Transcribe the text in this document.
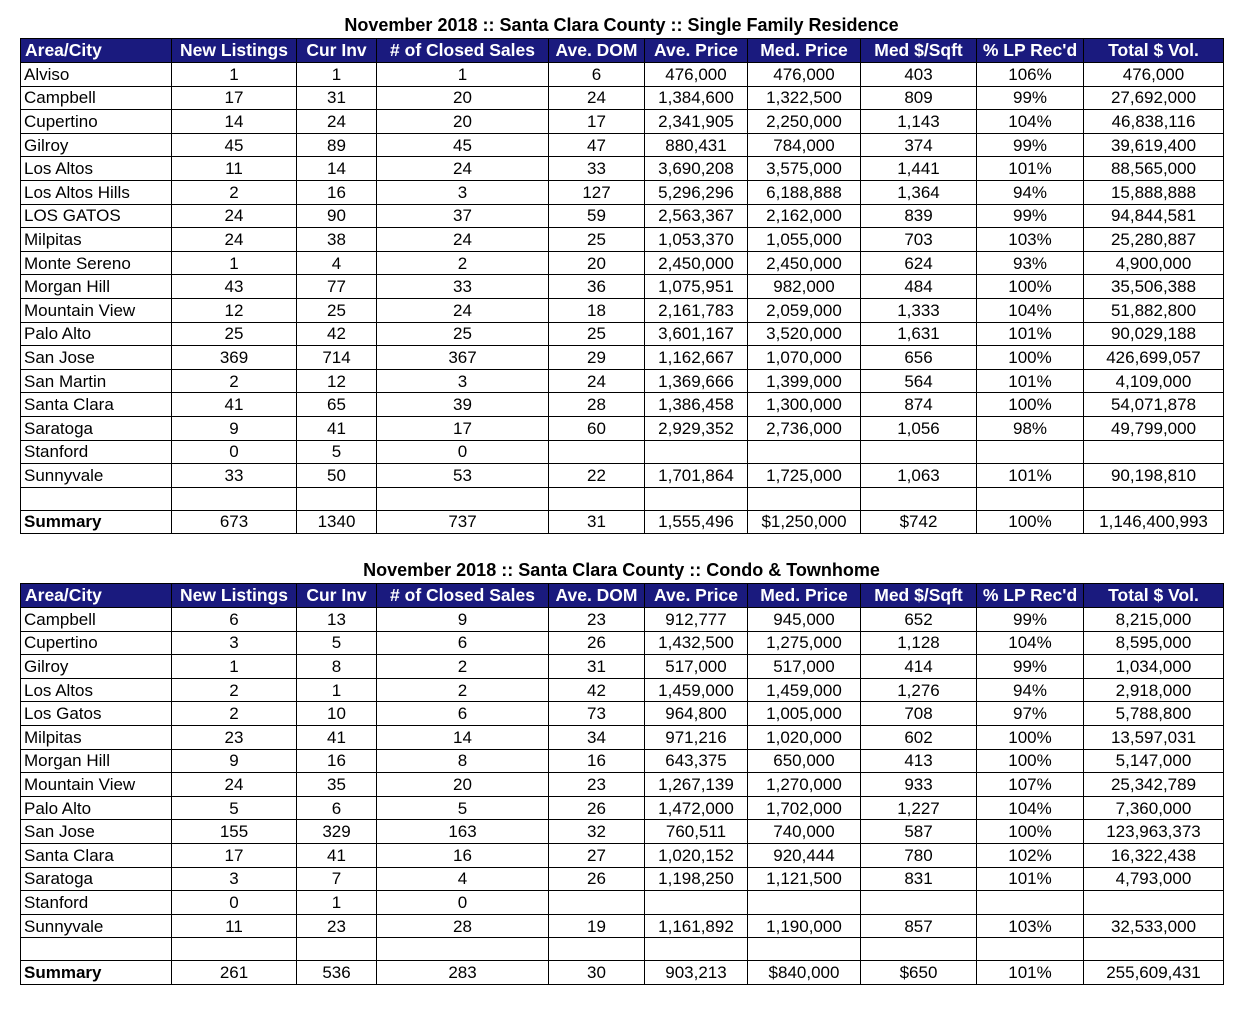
November 2018 :: Santa Clara County :: Single Family Residence
Area/City	New Listings	Cur Inv	# of Closed Sales	Ave. DOM	Ave. Price	Med. Price	Med $/Sqft	% LP Rec'd	Total $ Vol.
Alviso	1	1	1	6	476,000	476,000	403	106%	476,000
Campbell	17	31	20	24	1,384,600	1,322,500	809	99%	27,692,000
Cupertino	14	24	20	17	2,341,905	2,250,000	1,143	104%	46,838,116
Gilroy	45	89	45	47	880,431	784,000	374	99%	39,619,400
Los Altos	11	14	24	33	3,690,208	3,575,000	1,441	101%	88,565,000
Los Altos Hills	2	16	3	127	5,296,296	6,188,888	1,364	94%	15,888,888
LOS GATOS	24	90	37	59	2,563,367	2,162,000	839	99%	94,844,581
Milpitas	24	38	24	25	1,053,370	1,055,000	703	103%	25,280,887
Monte Sereno	1	4	2	20	2,450,000	2,450,000	624	93%	4,900,000
Morgan Hill	43	77	33	36	1,075,951	982,000	484	100%	35,506,388
Mountain View	12	25	24	18	2,161,783	2,059,000	1,333	104%	51,882,800
Palo Alto	25	42	25	25	3,601,167	3,520,000	1,631	101%	90,029,188
San Jose	369	714	367	29	1,162,667	1,070,000	656	100%	426,699,057
San Martin	2	12	3	24	1,369,666	1,399,000	564	101%	4,109,000
Santa Clara	41	65	39	28	1,386,458	1,300,000	874	100%	54,071,878
Saratoga	9	41	17	60	2,929,352	2,736,000	1,056	98%	49,799,000
Stanford	0	5	0						
Sunnyvale	33	50	53	22	1,701,864	1,725,000	1,063	101%	90,198,810

Summary	673	1340	737	31	1,555,496	$1,250,000	$742	100%	1,146,400,993
November 2018 :: Santa Clara County :: Condo & Townhome
Area/City	New Listings	Cur Inv	# of Closed Sales	Ave. DOM	Ave. Price	Med. Price	Med $/Sqft	% LP Rec'd	Total $ Vol.
Campbell	6	13	9	23	912,777	945,000	652	99%	8,215,000
Cupertino	3	5	6	26	1,432,500	1,275,000	1,128	104%	8,595,000
Gilroy	1	8	2	31	517,000	517,000	414	99%	1,034,000
Los Altos	2	1	2	42	1,459,000	1,459,000	1,276	94%	2,918,000
Los Gatos	2	10	6	73	964,800	1,005,000	708	97%	5,788,800
Milpitas	23	41	14	34	971,216	1,020,000	602	100%	13,597,031
Morgan Hill	9	16	8	16	643,375	650,000	413	100%	5,147,000
Mountain View	24	35	20	23	1,267,139	1,270,000	933	107%	25,342,789
Palo Alto	5	6	5	26	1,472,000	1,702,000	1,227	104%	7,360,000
San Jose	155	329	163	32	760,511	740,000	587	100%	123,963,373
Santa Clara	17	41	16	27	1,020,152	920,444	780	102%	16,322,438
Saratoga	3	7	4	26	1,198,250	1,121,500	831	101%	4,793,000
Stanford	0	1	0						
Sunnyvale	11	23	28	19	1,161,892	1,190,000	857	103%	32,533,000

Summary	261	536	283	30	903,213	$840,000	$650	101%	255,609,431
